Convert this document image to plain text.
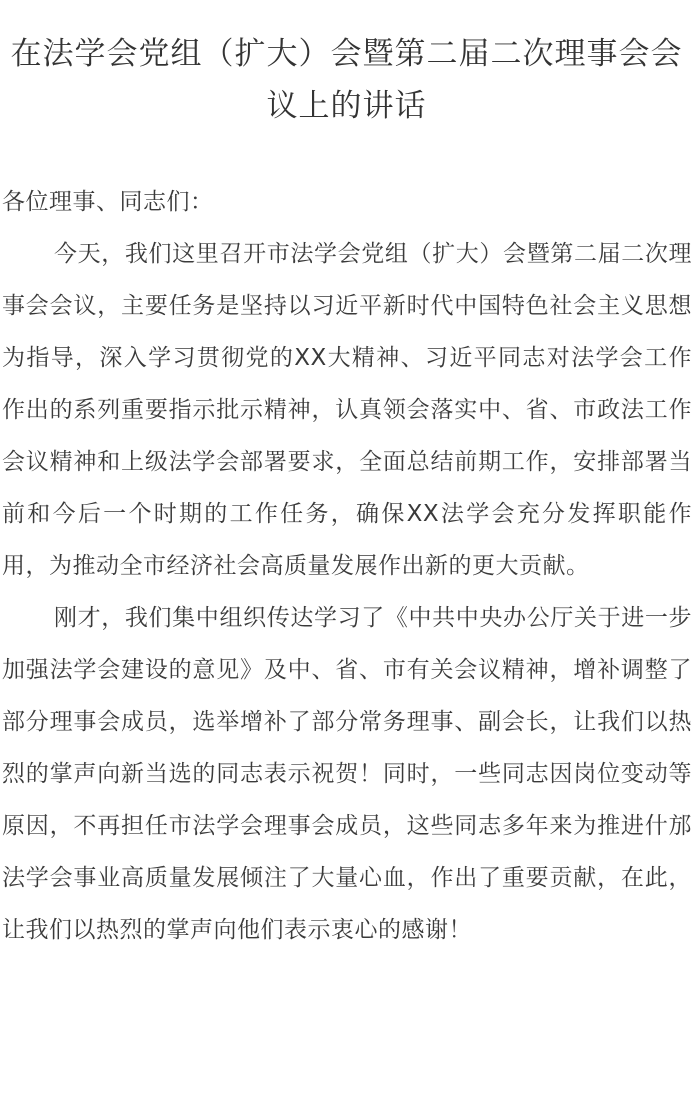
在法学会党组（扩大）会暨第二届二次理事会会议上的讲话

各位理事、同志们：

今天，我们这里召开市法学会党组（扩大）会暨第二届二次理事会会议，主要任务是坚持以习近平新时代中国特色社会主义思想为指导，深入学习贯彻党的XX大精神、习近平同志对法学会工作作出的系列重要指示批示精神，认真领会落实中、省、市政法工作会议精神和上级法学会部署要求，全面总结前期工作，安排部署当前和今后一个时期的工作任务，确保XX法学会充分发挥职能作用，为推动全市经济社会高质量发展作出新的更大贡献。

刚才，我们集中组织传达学习了《中共中央办公厅关于进一步加强法学会建设的意见》及中、省、市有关会议精神，增补调整了部分理事会成员，选举增补了部分常务理事、副会长，让我们以热烈的掌声向新当选的同志表示祝贺！同时，一些同志因岗位变动等原因，不再担任市法学会理事会成员，这些同志多年来为推进什邡法学会事业高质量发展倾注了大量心血，作出了重要贡献，在此，让我们以热烈的掌声向他们表示衷心的感谢！
